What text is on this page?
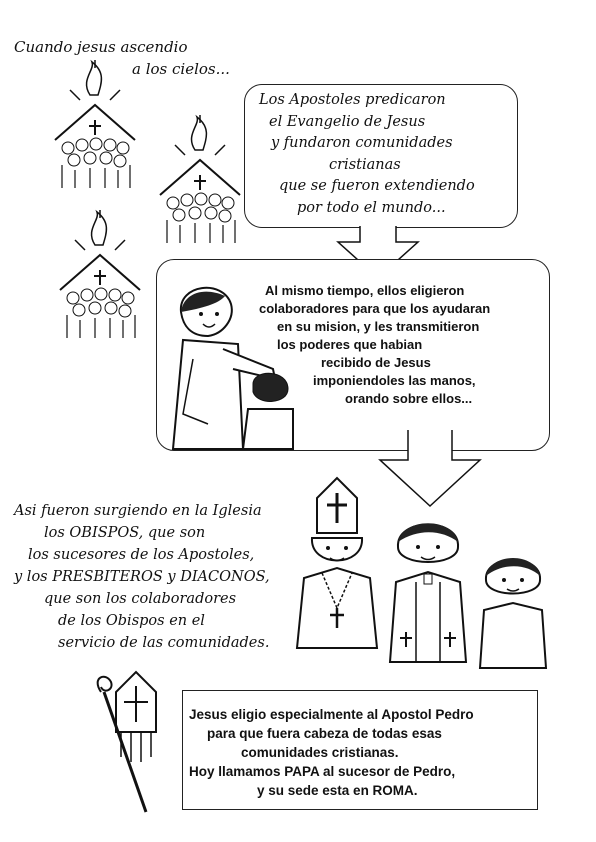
Cuando jesus ascendio
a los cielos...
Los Apostoles predicaron
el Evangelio de Jesus
y fundaron comunidades
cristianas
que se fueron extendiendo
por todo el mundo...
Al mismo tiempo, ellos eligieron
colaboradores para que los ayudaran
en su mision, y les transmitieron
los poderes que habian
recibido de Jesus
imponiendoles las manos,
orando sobre ellos...
Asi fueron surgiendo en la Iglesia
los OBISPOS, que son
los sucesores de los Apostoles,
y los PRESBITEROS y DIACONOS,
que son los colaboradores
de los Obispos en el
servicio de las comunidades.
Jesus eligio especialmente al Apostol Pedro
para que fuera cabeza de todas esas
comunidades cristianas.
Hoy llamamos PAPA al sucesor de Pedro,
y su sede esta en ROMA.
